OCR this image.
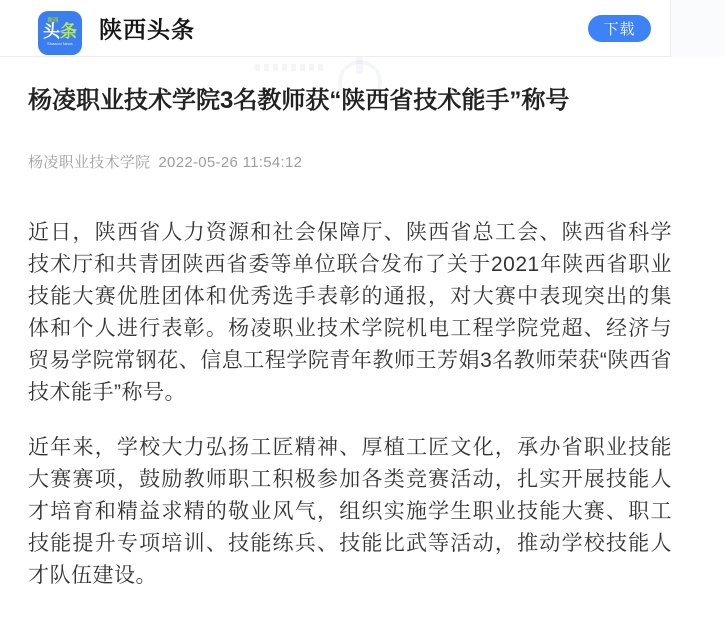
陕西
头条
Shaanxi News
陕西头条	下载
杨凌职业技术学院3名教师获“陕西省技术能手”称号
杨凌职业技术学院 2022-05-26 11:54:12

近日，陕西省人力资源和社会保障厅、陕西省总工会、陕西省科学技术厅和共青团陕西省委等单位联合发布了关于2021年陕西省职业技能大赛优胜团体和优秀选手表彰的通报，对大赛中表现突出的集体和个人进行表彰。杨凌职业技术学院机电工程学院党超、经济与贸易学院常钢花、信息工程学院青年教师王芳娟3名教师荣获“陕西省技术能手”称号。

近年来，学校大力弘扬工匠精神、厚植工匠文化，承办省职业技能大赛赛项，鼓励教师职工积极参加各类竞赛活动，扎实开展技能人才培育和精益求精的敬业风气，组织实施学生职业技能大赛、职工技能提升专项培训、技能练兵、技能比武等活动，推动学校技能人才队伍建设。
